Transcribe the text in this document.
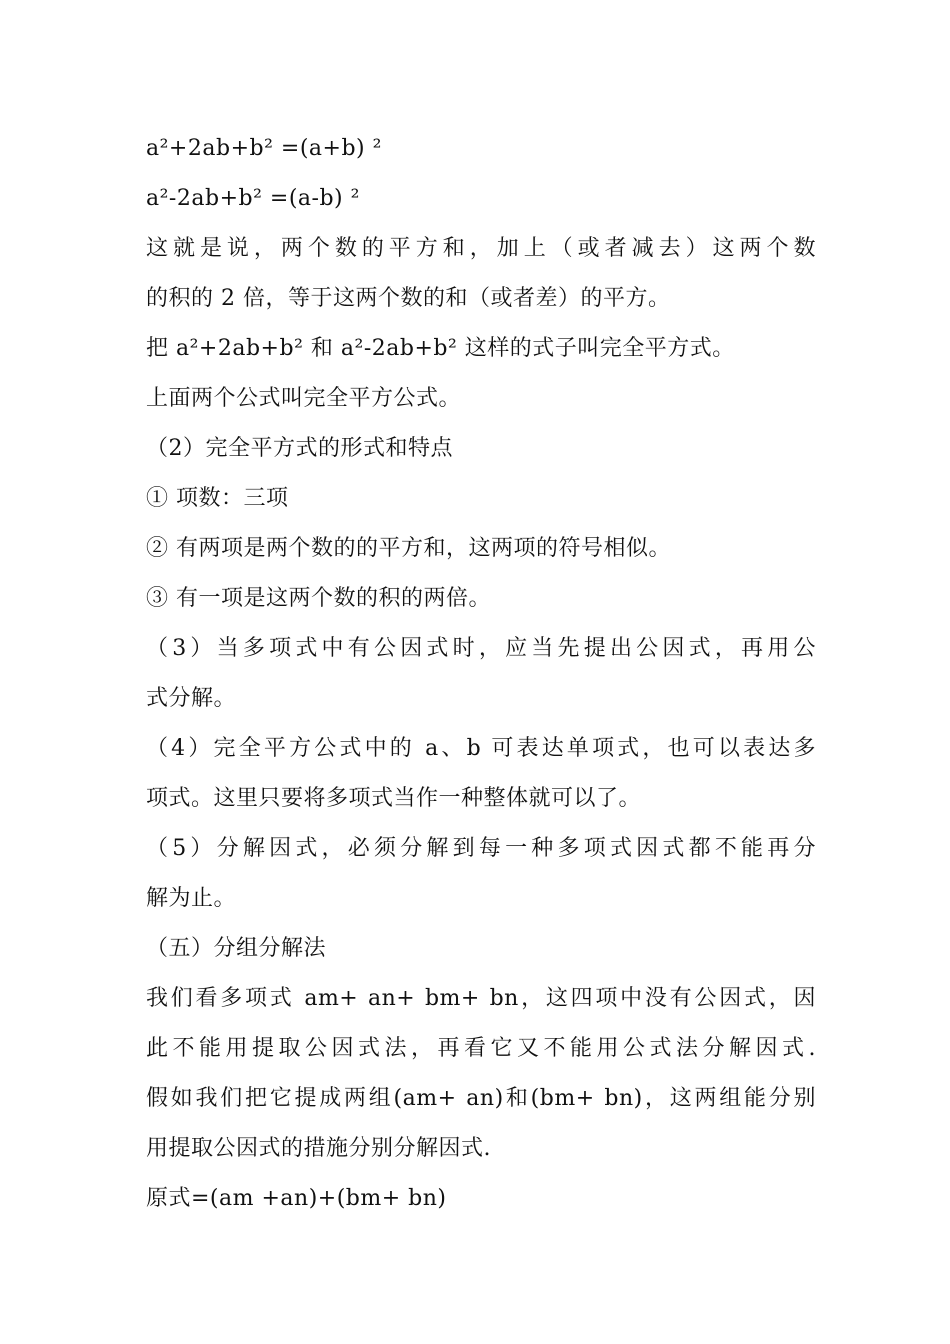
a²+2ab+b² =(a+b) ²
a²-2ab+b² =(a-b) ²
这就是说，两个数的平方和，加上（或者减去）这两个数
的积的 2 倍，等于这两个数的和（或者差）的平方。
把 a²+2ab+b² 和 a²-2ab+b² 这样的式子叫完全平方式。
上面两个公式叫完全平方公式。
（2）完全平方式的形式和特点
① 项数：三项
② 有两项是两个数的的平方和，这两项的符号相似。
③ 有一项是这两个数的积的两倍。
（3）当多项式中有公因式时，应当先提出公因式，再用公
式分解。
（4）完全平方公式中的 a、b 可表达单项式，也可以表达多
项式。这里只要将多项式当作一种整体就可以了。
（5）分解因式，必须分解到每一种多项式因式都不能再分
解为止。
（五）分组分解法
我们看多项式 am+ an+ bm+ bn，这四项中没有公因式，因
此不能用提取公因式法，再看它又不能用公式法分解因式.
假如我们把它提成两组(am+ an)和(bm+ bn)，这两组能分别
用提取公因式的措施分别分解因式.
原式=(am +an)+(bm+ bn)
